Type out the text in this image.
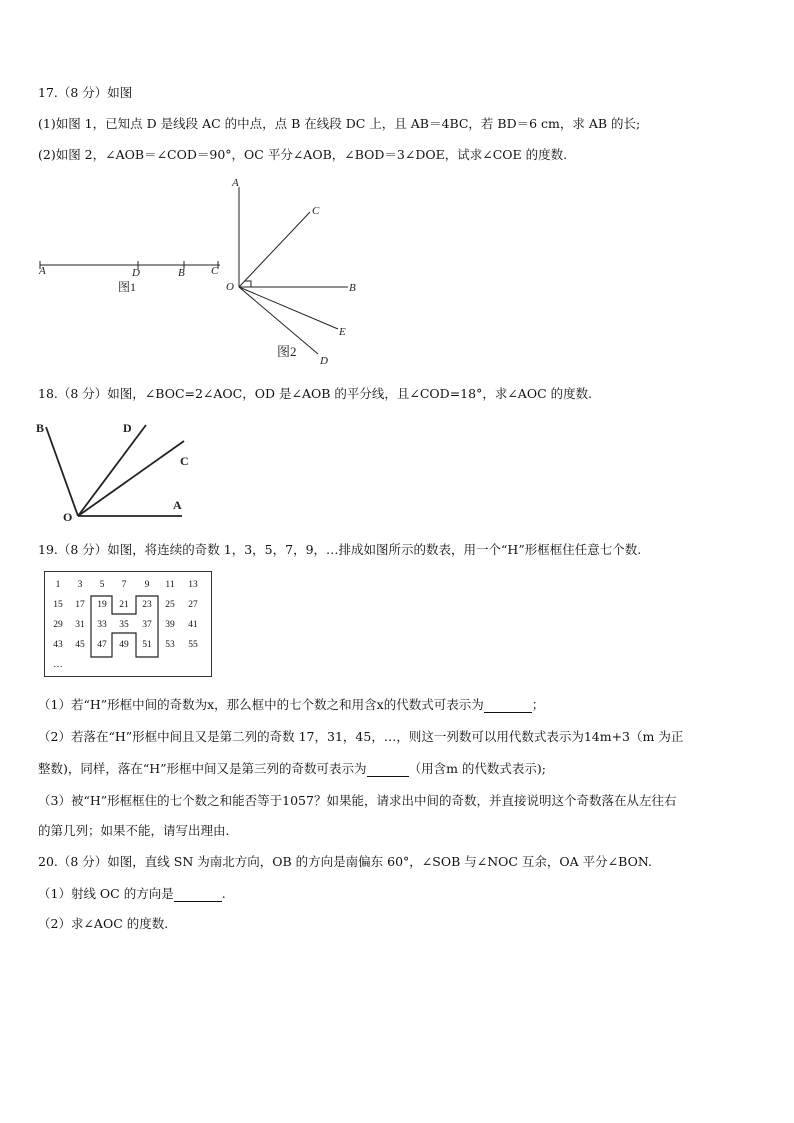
17.（8 分）如图
(1)如图 1，已知点 D 是线段 AC 的中点，点 B 在线段 DC 上，且 AB＝4BC，若 BD＝6 cm，求 AB 的长;
(2)如图 2，∠AOB＝∠COD＝90°，OC 平分∠AOB，∠BOD＝3∠DOE，试求∠COE 的度数.
A	D	B C
图1
A
C
O	B
E
D
图2
18.（8 分）如图，∠BOC=2∠AOC，OD 是∠AOB 的平分线，且∠COD=18°，求∠AOC 的度数.
B	D
C
O
A
19.（8 分）如图，将连续的奇数 1，3，5，7，9，…排成如图所示的数表，用一个“H”形框框住任意七个数.
1	3	5	7	9	11	13
15	17	19	21	23	25	27
29	31	33	35	37	39	41
43	45	47	49	51	53	55
…
（1）若“H”形框中间的奇数为x，那么框中的七个数之和用含x的代数式可表示为	；
（2）若落在“H”形框中间且又是第二列的奇数 17，31，45，…，则这一列数可以用代数式表示为14m+3（m 为正
整数)，同样，落在“H”形框中间又是第三列的奇数可表示为	（用含m 的代数式表示);
（3）被“H”形框框住的七个数之和能否等于1057？如果能，请求出中间的奇数，并直接说明这个奇数落在从左往右
的第几列；如果不能，请写出理由.
20.（8 分）如图，直线 SN 为南北方向，OB 的方向是南偏东 60°，∠SOB 与∠NOC 互余，OA 平分∠BON.
（1）射线 OC 的方向是	.
（2）求∠AOC 的度数.
